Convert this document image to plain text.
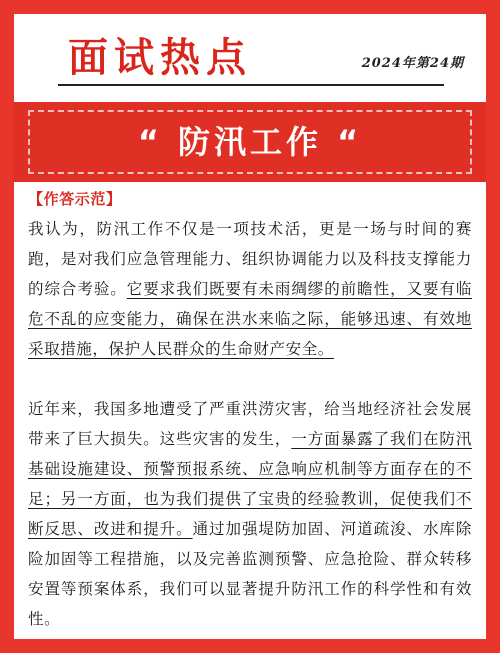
面试热点	2024年第24期
“ 防汛工作 “
【作答示范】

我认为，防汛工作不仅是一项技术活，更是一场与时间的赛跑，是对我们应急管理能力、组织协调能力以及科技支撑能力的综合考验。它要求我们既要有未雨绸缪的前瞻性，又要有临危不乱的应变能力，确保在洪水来临之际，能够迅速、有效地采取措施，保护人民群众的生命财产安全。

近年来，我国多地遭受了严重洪涝灾害，给当地经济社会发展带来了巨大损失。这些灾害的发生，一方面暴露了我们在防汛基础设施建设、预警预报系统、应急响应机制等方面存在的不足；另一方面，也为我们提供了宝贵的经验教训，促使我们不断反思、改进和提升。通过加强堤防加固、河道疏浚、水库除险加固等工程措施，以及完善监测预警、应急抢险、群众转移安置等预案体系，我们可以显著提升防汛工作的科学性和有效性。
